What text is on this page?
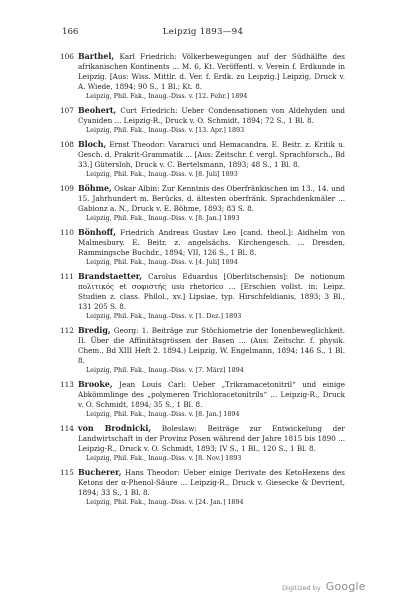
166	Leipzig 1893—94
106 Barthel, Karl Friedrich: Völkerbewegungen auf der Südhälfte des afrikanischen Kontinents ... M. 6, Kt. Veröffentl. v. Verein f. Erdkunde in Leipzig. [Aus: Wiss. Mittlr. d. Ver. f. Erdk. zu Leipzig.] Leipzig, Druck v. A. Wiede, 1894; 90 S., 1 Bl.; Kt. 8.
Leipzig, Phil. Fak., Inaug.-Diss. v. [12. Febr.] 1894
107 Beohert, Curt Friedrich: Ueber Condensationen von Aldehyden und Cyaniden ... Leipzig-R., Druck v. O. Schmidt, 1894; 72 S., 1 Bl. 8.
Leipzig, Phil. Fak., Inaug.-Diss. v. [13. Apr.] 1893
108 Bloch, Ernst Theodor: Vararuci und Hemacandra. E. Beitr. z. Kritik u. Gesch. d. Prakrit-Grammatik ... [Aus: Zeitschr. f. vergl. Sprachforsch., Bd 33.] Gütersloh, Druck v. C. Bertelsmann, 1893; 48 S., 1 Bl. 8.
Leipzig, Phil. Fak., Inaug.-Diss. v. [8. Juli] 1893
109 Böhme, Oskar Albin: Zur Kenntnis des Oberfränkischen im 13., 14. und 15. Jahrhundert m. Berücks. d. ältesten oberfränk. Sprachdenkmäler ... Gabionz a. N., Druck v. E. Böhme, 1893; 83 S. 8.
Leipzig, Phil. Fak., Inaug.-Diss. v. [8. Jan.] 1893
110 Bönhoff, Friedrich Andreas Gustav Leo [cand. theol.]: Aidhelm von Malmesbury. E. Beitr. z. angelsächs. Kirchengesch. ... Dresden, Rammingsche Buchdr., 1894; VII, 126 S., 1 Bl. 8.
Leipzig, Phil. Fak., Inaug.-Diss. v. [4. Juli] 1894
111 Brandstaetter, Carolus Eduardus [Oberlitschensis]: De notionum πολιτικός et σοφιστής usu rhetorico ... [Erschien vollst. in: Leipz. Studien z. class. Philol., xv.] Lipsiae, typ. Hirschfeldianis, 1893; 3 Bl., 131 205 S. 8.
Leipzig, Phil. Fak., Inaug.-Diss. v. [1. Dez.] 1893
112 Bredig, Georg: 1. Beiträge zur Stöchiometrie der Ionenbeweglichkeit. II. Über die Affinitätsgrössen der Basen ... (Aus: Zeitschr. f. physik. Chem., Bd XIII Heft 2. 1894.) Leipzig, W. Engelmann, 1894; 146 S., 1 Bl. 8.
Leipzig, Phil. Fak., Inaug.-Diss. v. [7. März] 1894
113 Brooke, Jean Louis Carl: Ueber „Trikramacetonitril“ und einige Abkömmlinge des „polymeren Trichloracetonitrils“ ... Leipzig-R., Druck v. O. Schmidt, 1894; 35 S., 1 Bl. 8.
Leipzig, Phil. Fak., Inaug.-Diss. v. [8. Jan.] 1894
114 von Brodnicki, Boleslaw: Beiträge zur Entwickelung der Landwirtschaft in der Provinz Posen während der Jahre 1815 bis 1890 ... Leipzig-R., Druck v. O. Schmidt, 1893; IV S., 1 Bl., 120 S., 1 Bl. 8.
Leipzig, Phil. Fak., Inaug.-Diss. v. [8. Nov.] 1893
115 Bucherer, Hans Theodor: Ueber einige Derivate des KetoHexens des Ketons der α-Phenol-Säure ... Leipzig-R., Druck v. Giesecke & Devrient, 1894; 33 S., 1 Bl. 8.
Leipzig, Phil. Fak., Inaug.-Diss. v. [24. Jan.] 1894
Digitized by Google
